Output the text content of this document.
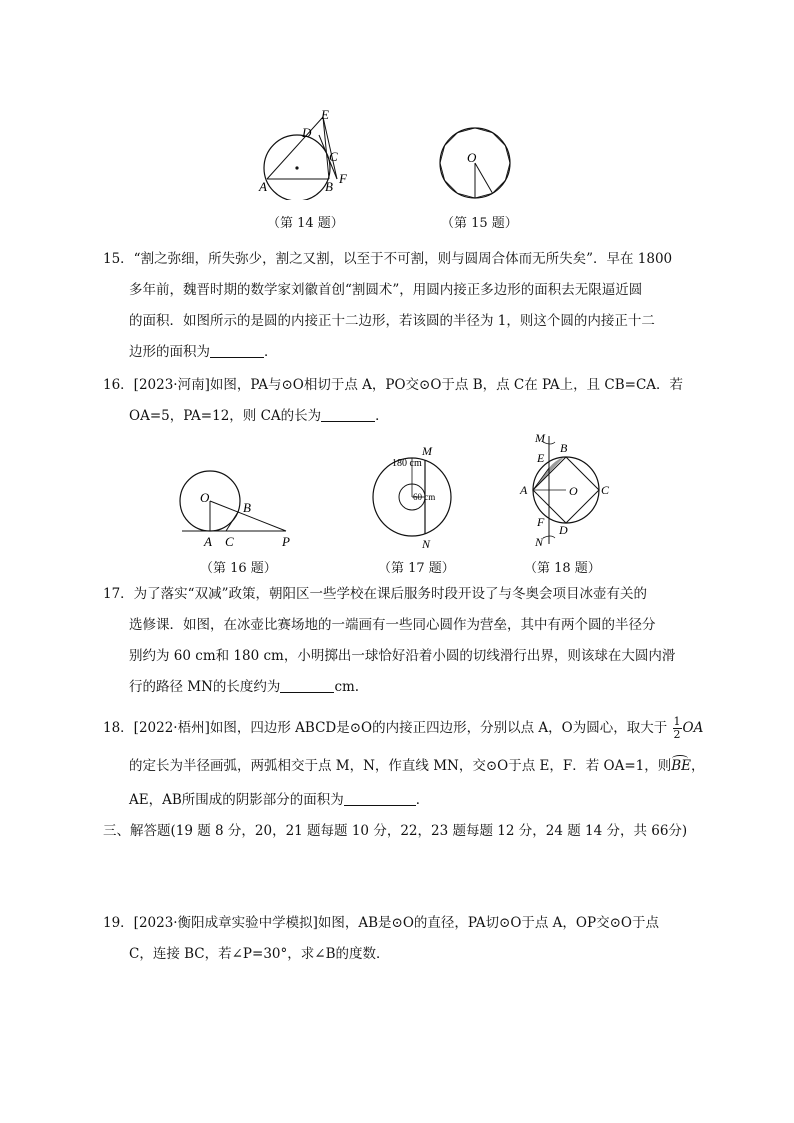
E
D
C
A	B
F
（第 14 题）
O
（第 15 题）
15．“割之弥细，所失弥少，割之又割，以至于不可割，则与圆周合体而无所失矣”．早在 1800
多年前，魏晋时期的数学家刘徽首创“割圆术”，用圆内接正多边形的面积去无限逼近圆
的面积．如图所示的是圆的内接正十二边形，若该圆的半径为 1，则这个圆的内接正十二
边形的面积为	．
16．[2023·河南]如图，PA与⊙O相切于点 A，PO交⊙O于点 B，点 C在 PA上，且 CB=CA．若
OA=5，PA=12，则 CA的长为	．
O
B
A C	P
（第 16 题）
M
N
180 cm
60 cm
（第 17 题）
M
E
B
A	O C
F
D
N
（第 18 题）
17．为了落实“双减”政策，朝阳区一些学校在课后服务时段开设了与冬奥会项目冰壶有关的
选修课．如图，在冰壶比赛场地的一端画有一些同心圆作为营垒，其中有两个圆的半径分
别约为 60 cm和 180 cm，小明掷出一球恰好沿着小圆的切线滑行出界，则该球在大圆内滑
行的路径 MN的长度约为	cm.
18．[2022·梧州]如图，四边形 ABCD是⊙O的内接正四边形，分别以点 A，O为圆心，取大于 $\frac{1}{2}$ OA
的定长为半径画弧，两弧相交于点 M，N，作直线 MN，交⊙O于点 E，F．若 OA=1，则
BE，
AE，AB所围成的阴影部分的面积为	．
三、解答题(19 题 8 分，20，21 题每题 10 分，22，23 题每题 12 分，24 题 14 分，共 66分)
19．[2023·衡阳成章实验中学模拟]如图，AB是⊙O的直径，PA切⊙O于点 A，OP交⊙O于点
C，连接 BC，若∠P=30°，求∠B的度数．
